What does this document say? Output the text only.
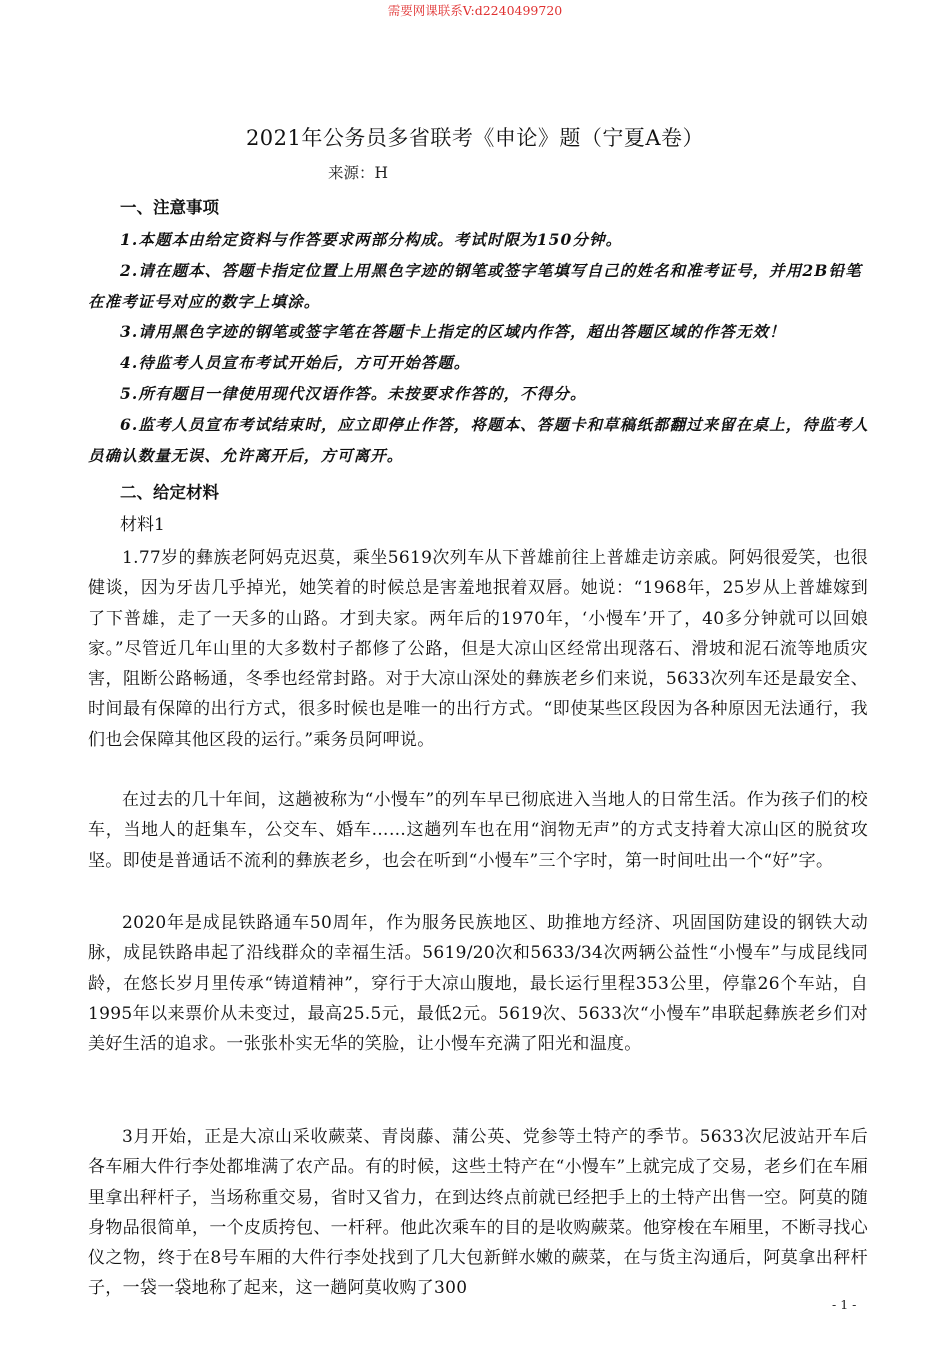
需要网课联系V:d2240499720
2021年公务员多省联考《申论》题（宁夏A卷）
来源：H
一、注意事项
1.本题本由给定资料与作答要求两部分构成。考试时限为150分钟。
2.请在题本、答题卡指定位置上用黑色字迹的钢笔或签字笔填写自己的姓名和准考证号，并用2B铅笔在准考证号对应的数字上填涂。
3.请用黑色字迹的钢笔或签字笔在答题卡上指定的区域内作答，超出答题区域的作答无效！
4.待监考人员宣布考试开始后，方可开始答题。
5.所有题目一律使用现代汉语作答。未按要求作答的，不得分。
6.监考人员宣布考试结束时，应立即停止作答，将题本、答题卡和草稿纸都翻过来留在桌上，待监考人员确认数量无误、允许离开后，方可离开。
二、给定材料
材料1

1.77岁的彝族老阿妈克迟莫，乘坐5619次列车从下普雄前往上普雄走访亲戚。阿妈很爱笑，也很健谈，因为牙齿几乎掉光，她笑着的时候总是害羞地抿着双唇。她说：“1968年，25岁从上普雄嫁到了下普雄，走了一天多的山路。才到夫家。两年后的1970年，‘小慢车’开了，40多分钟就可以回娘家。”尽管近几年山里的大多数村子都修了公路，但是大凉山区经常出现落石、滑坡和泥石流等地质灾害，阻断公路畅通，冬季也经常封路。对于大凉山深处的彝族老乡们来说，5633次列车还是最安全、时间最有保障的出行方式，很多时候也是唯一的出行方式。“即使某些区段因为各种原因无法通行，我们也会保障其他区段的运行。”乘务员阿呷说。

在过去的几十年间，这趟被称为“小慢车”的列车早已彻底进入当地人的日常生活。作为孩子们的校车，当地人的赶集车，公交车、婚车……这趟列车也在用“润物无声”的方式支持着大凉山区的脱贫攻坚。即使是普通话不流利的彝族老乡，也会在听到“小慢车”三个字时，第一时间吐出一个“好”字。

2020年是成昆铁路通车50周年，作为服务民族地区、助推地方经济、巩固国防建设的钢铁大动脉，成昆铁路串起了沿线群众的幸福生活。5619/20次和5633/34次两辆公益性“小慢车”与成昆线同龄，在悠长岁月里传承“铸道精神”，穿行于大凉山腹地，最长运行里程353公里，停靠26个车站，自1995年以来票价从未变过，最高25.5元，最低2元。5619次、5633次“小慢车”串联起彝族老乡们对美好生活的追求。一张张朴实无华的笑脸，让小慢车充满了阳光和温度。

3月开始，正是大凉山采收蕨菜、青岗藤、蒲公英、党参等土特产的季节。5633次尼波站开车后各车厢大件行李处都堆满了农产品。有的时候，这些土特产在“小慢车”上就完成了交易，老乡们在车厢里拿出秤杆子，当场称重交易，省时又省力，在到达终点前就已经把手上的土特产出售一空。阿莫的随身物品很简单，一个皮质挎包、一杆秤。他此次乘车的目的是收购蕨菜。他穿梭在车厢里，不断寻找心仪之物，终于在8号车厢的大件行李处找到了几大包新鲜水嫩的蕨菜，在与货主沟通后，阿莫拿出秤杆子，一袋一袋地称了起来，这一趟阿莫收购了300

- 1 -
